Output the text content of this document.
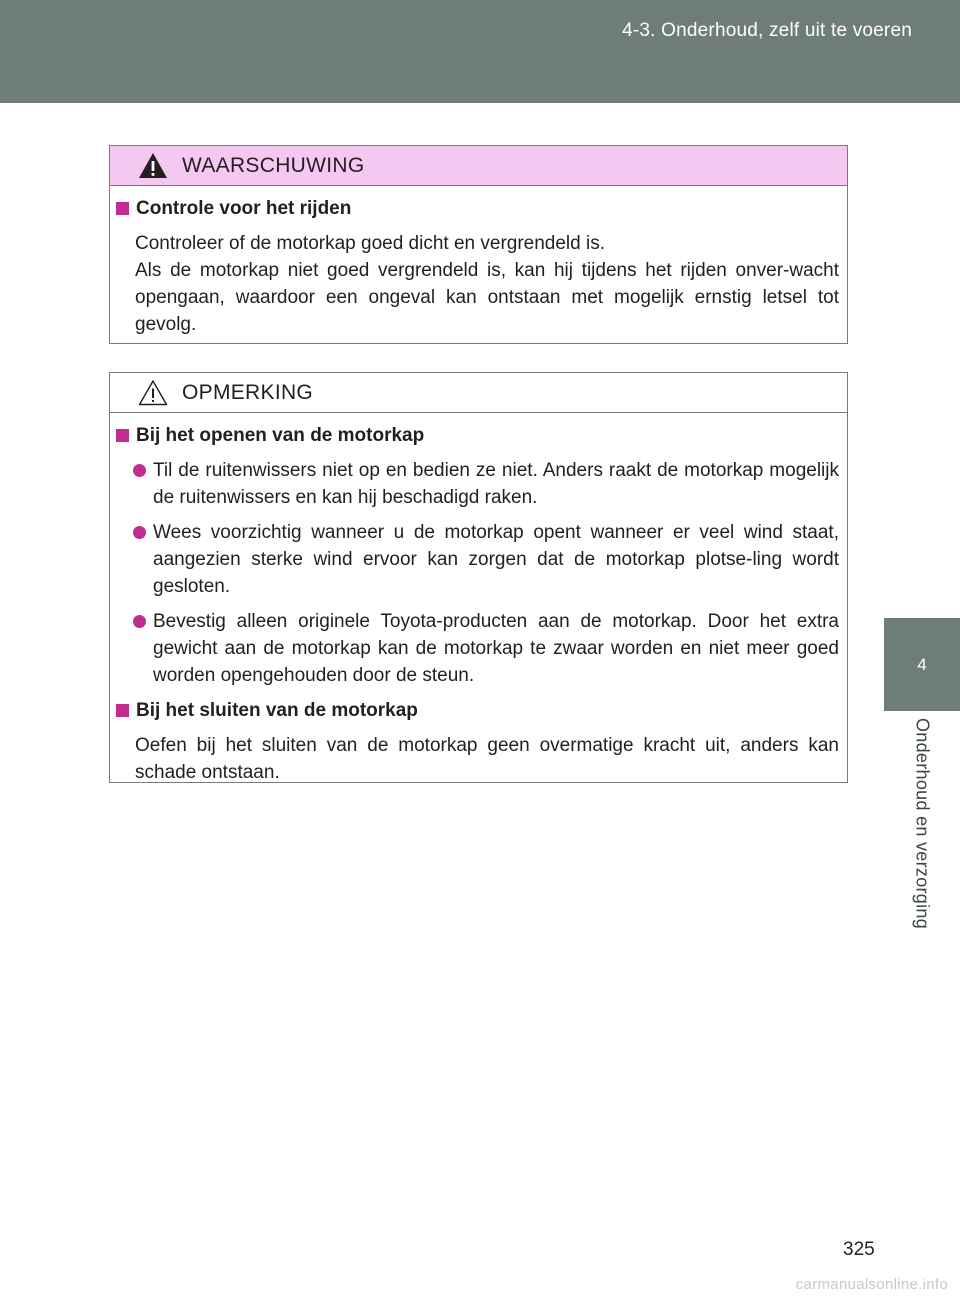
4-3. Onderhoud, zelf uit te voeren
4
Onderhoud en verzorging
WAARSCHUWING
Controle voor het rijden

Controleer of de motorkap goed dicht en vergrendeld is.

Als de motorkap niet goed vergrendeld is, kan hij tijdens het rijden onver-wacht opengaan, waardoor een ongeval kan ontstaan met mogelijk ernstig letsel tot gevolg.

OPMERKING
Bij het openen van de motorkap
Til de ruitenwissers niet op en bedien ze niet. Anders raakt de motorkap mogelijk de ruitenwissers en kan hij beschadigd raken.
Wees voorzichtig wanneer u de motorkap opent wanneer er veel wind staat, aangezien sterke wind ervoor kan zorgen dat de motorkap plotse-ling wordt gesloten.
Bevestig alleen originele Toyota-producten aan de motorkap. Door het extra gewicht aan de motorkap kan de motorkap te zwaar worden en niet meer goed worden opengehouden door de steun.
Bij het sluiten van de motorkap
Oefen bij het sluiten van de motorkap geen overmatige kracht uit, anders kan schade ontstaan.
325
carmanualsonline.info
